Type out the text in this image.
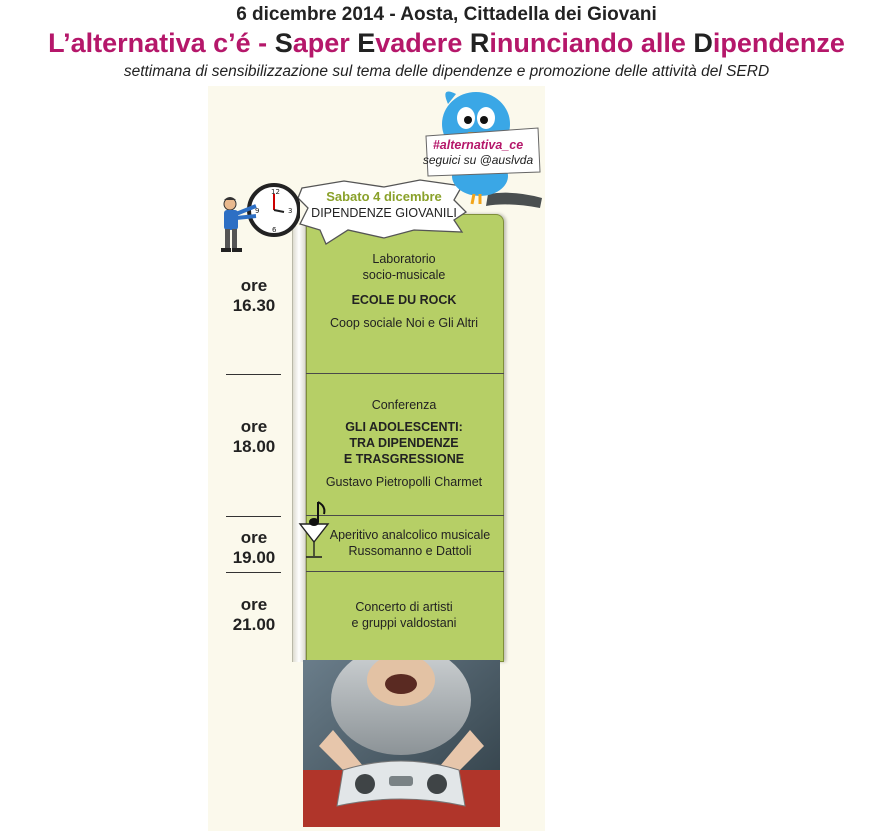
6 dicembre 2014 - Aosta, Cittadella dei Giovani
L’alternativa c’é - Saper Evadere Rinunciando alle Dipendenze
settimana di sensibilizzazione sul tema delle dipendenze e promozione delle attività del SERD
ore
16.30
ore
18.00
ore
19.00
ore
21.00
Laboratorio
socio-musicale
ECOLE DU ROCK
Coop sociale Noi e Gli Altri
Conferenza
GLI ADOLESCENTI:
TRA DIPENDENZE
E TRASGRESSIONE
Gustavo Pietropolli Charmet
Aperitivo analcolico musicale
Russomanno e Dattoli
Concerto di artisti
e gruppi valdostani
Sabato 4 dicembre
DIPENDENZE GIOVANILI
12
3
6
9
#alternativa_ce
seguici su @auslvda
